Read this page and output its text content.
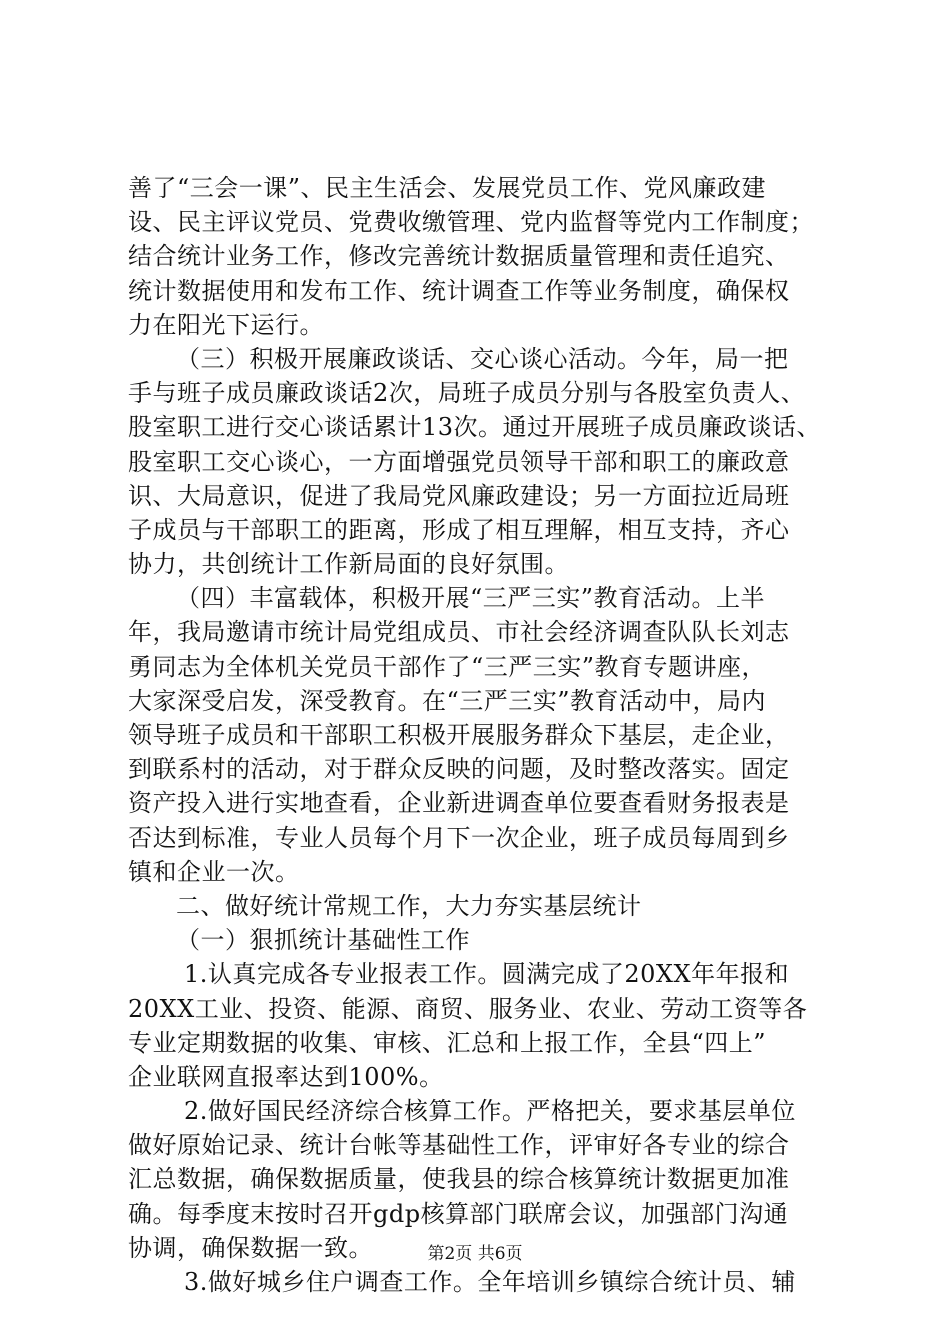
善了“三会一课”、民主生活会、发展党员工作、党风廉政建
设、民主评议党员、党费收缴管理、党内监督等党内工作制度；
结合统计业务工作，修改完善统计数据质量管理和责任追究、
统计数据使用和发布工作、统计调查工作等业务制度，确保权
力在阳光下运行。
（三）积极开展廉政谈话、交心谈心活动。今年，局一把
手与班子成员廉政谈话2次，局班子成员分别与各股室负责人、
股室职工进行交心谈话累计13次。通过开展班子成员廉政谈话、
股室职工交心谈心，一方面增强党员领导干部和职工的廉政意
识、大局意识，促进了我局党风廉政建设；另一方面拉近局班
子成员与干部职工的距离，形成了相互理解，相互支持，齐心
协力，共创统计工作新局面的良好氛围。
（四）丰富载体，积极开展“三严三实”教育活动。上半
年，我局邀请市统计局党组成员、市社会经济调查队队长刘志
勇同志为全体机关党员干部作了“三严三实”教育专题讲座，
大家深受启发，深受教育。在“三严三实”教育活动中，局内
领导班子成员和干部职工积极开展服务群众下基层，走企业，
到联系村的活动，对于群众反映的问题，及时整改落实。固定
资产投入进行实地查看，企业新进调查单位要查看财务报表是
否达到标准，专业人员每个月下一次企业，班子成员每周到乡
镇和企业一次。
二、做好统计常规工作，大力夯实基层统计
（一）狠抓统计基础性工作
1.认真完成各专业报表工作。圆满完成了20XX年年报和
20XX工业、投资、能源、商贸、服务业、农业、劳动工资等各
专业定期数据的收集、审核、汇总和上报工作，全县“四上”
企业联网直报率达到100%。
2.做好国民经济综合核算工作。严格把关，要求基层单位
做好原始记录、统计台帐等基础性工作，评审好各专业的综合
汇总数据，确保数据质量，使我县的综合核算统计数据更加准
确。每季度末按时召开gdp核算部门联席会议，加强部门沟通
协调，确保数据一致。
3.做好城乡住户调查工作。全年培训乡镇综合统计员、辅
第2页 共6页
